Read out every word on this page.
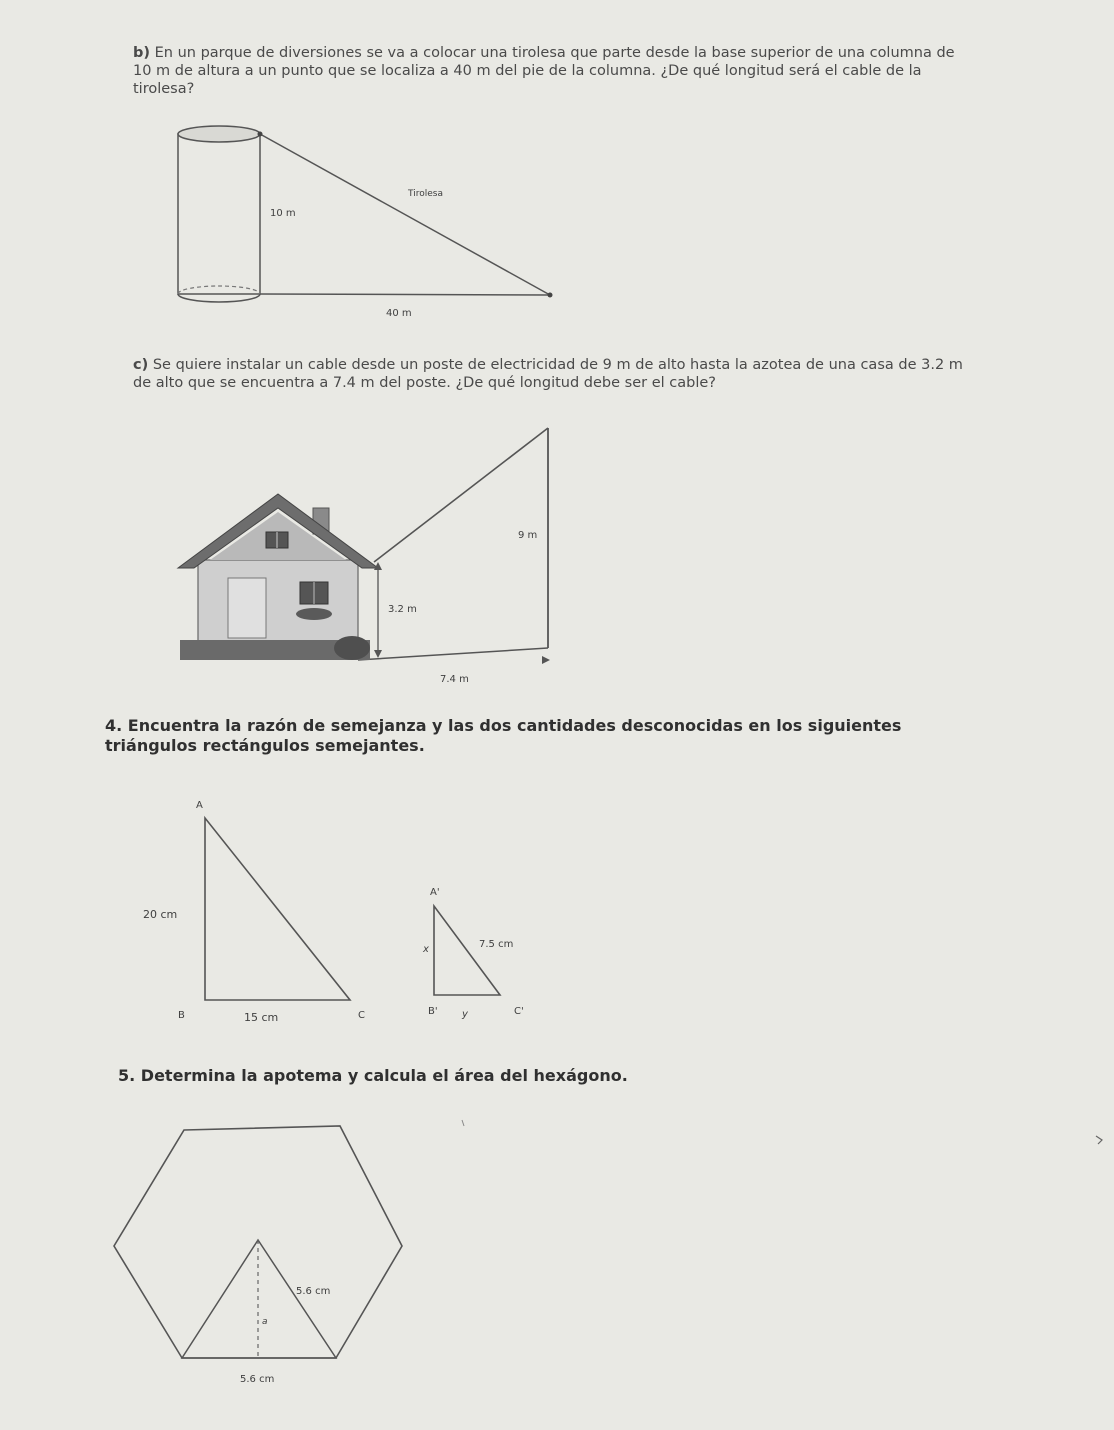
b) En un parque de diversiones se va a colocar una tirolesa que parte desde la base superior de una columna de 10 m de altura a un punto que se localiza a 40 m del pie de la columna. ¿De qué longitud será el cable de la tirolesa?

c) Se quiere instalar un cable desde un poste de electricidad de 9 m de alto hasta la azotea de una casa de 3.2 m de alto que se encuentra a 7.4 m del poste. ¿De qué longitud debe ser el cable?

4. Encuentra la razón de semejanza y las dos cantidades desconocidas en los siguientes triángulos rectángulos semejantes.

5. Determina la apotema y calcula el área del hexágono.

Tirolesa
10 m
40 m
9 m
3.2 m
7.4 m
A
B	C
20 cm
15 cm
A'
B'	C'
x	7.5 cm
y
5.6 cm
a
5.6 cm
